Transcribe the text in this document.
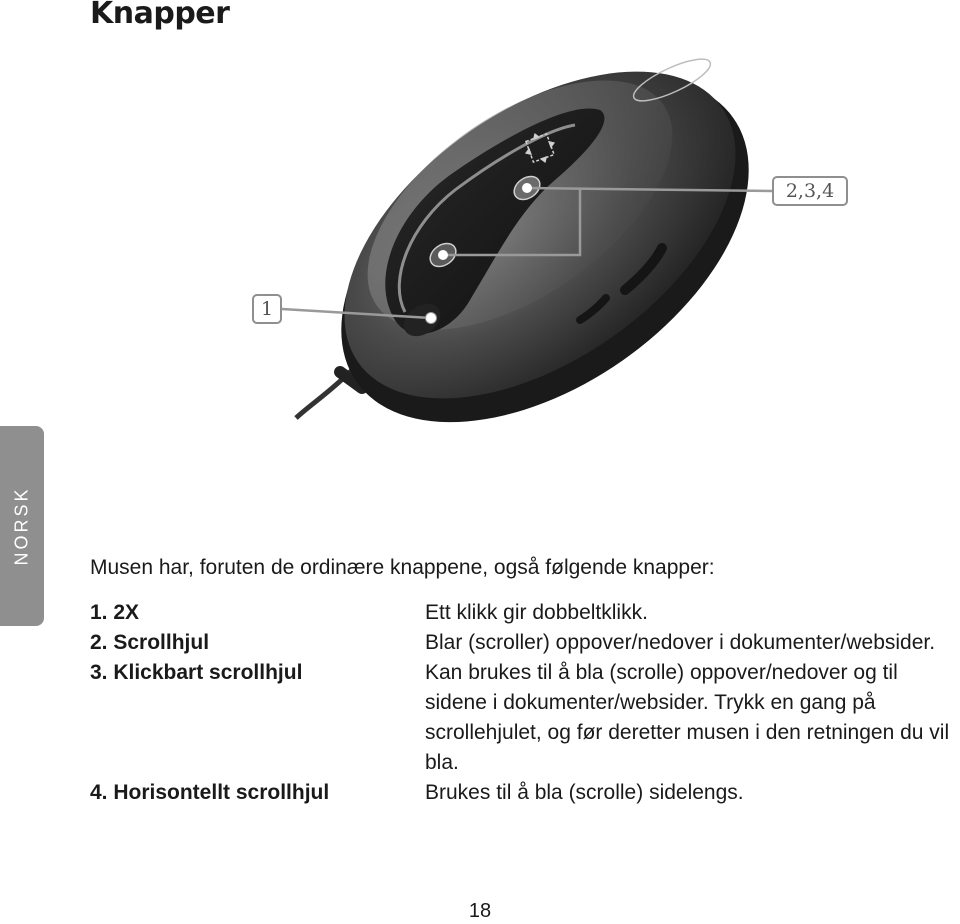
Knapper
NORSK
1
2,3,4
Musen har, foruten de ordinære knappene, også følgende knapper:
1. 2X	Ett klikk gir dobbeltklikk.
2. Scrollhjul	Blar (scroller) oppover/nedover i dokumenter/websider.
3. Klickbart scrollhjul	Kan brukes til å bla (scrolle) oppover/nedover og til sidene i dokumenter/websider. Trykk en gang på scrollehjulet, og før deretter musen i den retningen du vil bla.
4. Horisontellt scrollhjul	Brukes til å bla (scrolle) sidelengs.
18
